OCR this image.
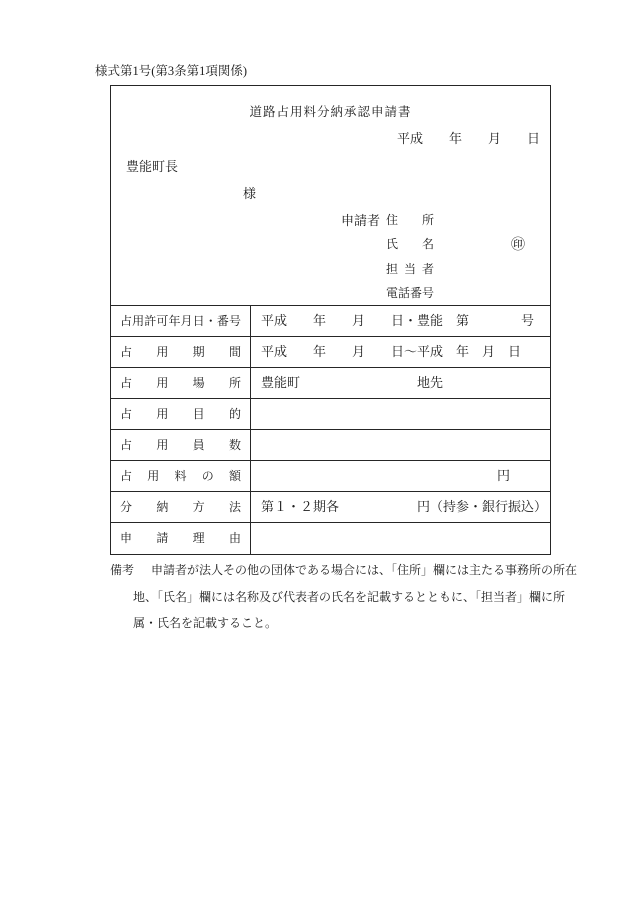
様式第1号(第3条第1項関係)
道路占用料分納承認申請書
平成　　年　　月　　日
豊能町長
様
申請者 住　　所
氏　　名	㊞
担 当 者
電話番号
占用許可年月日・番号	平成　　年　　月　　日・豊能　第　　　　号
占　用　期　間	平成　　年　　月　　日～平成　年　月　日
占　用　場　所	豊能町　　　　　　　　　地先
占　用　目　的
占　用　員　数
占　用　料　の　額	円
分　納　方　法	第１・２期各　　　　　　円（持参・銀行振込）
申　請　理　由
備考 申請者が法人その他の団体である場合には、「住所」欄には主たる事務所の所在
地、「氏名」欄には名称及び代表者の氏名を記載するとともに、「担当者」欄に所
属・氏名を記載すること。
